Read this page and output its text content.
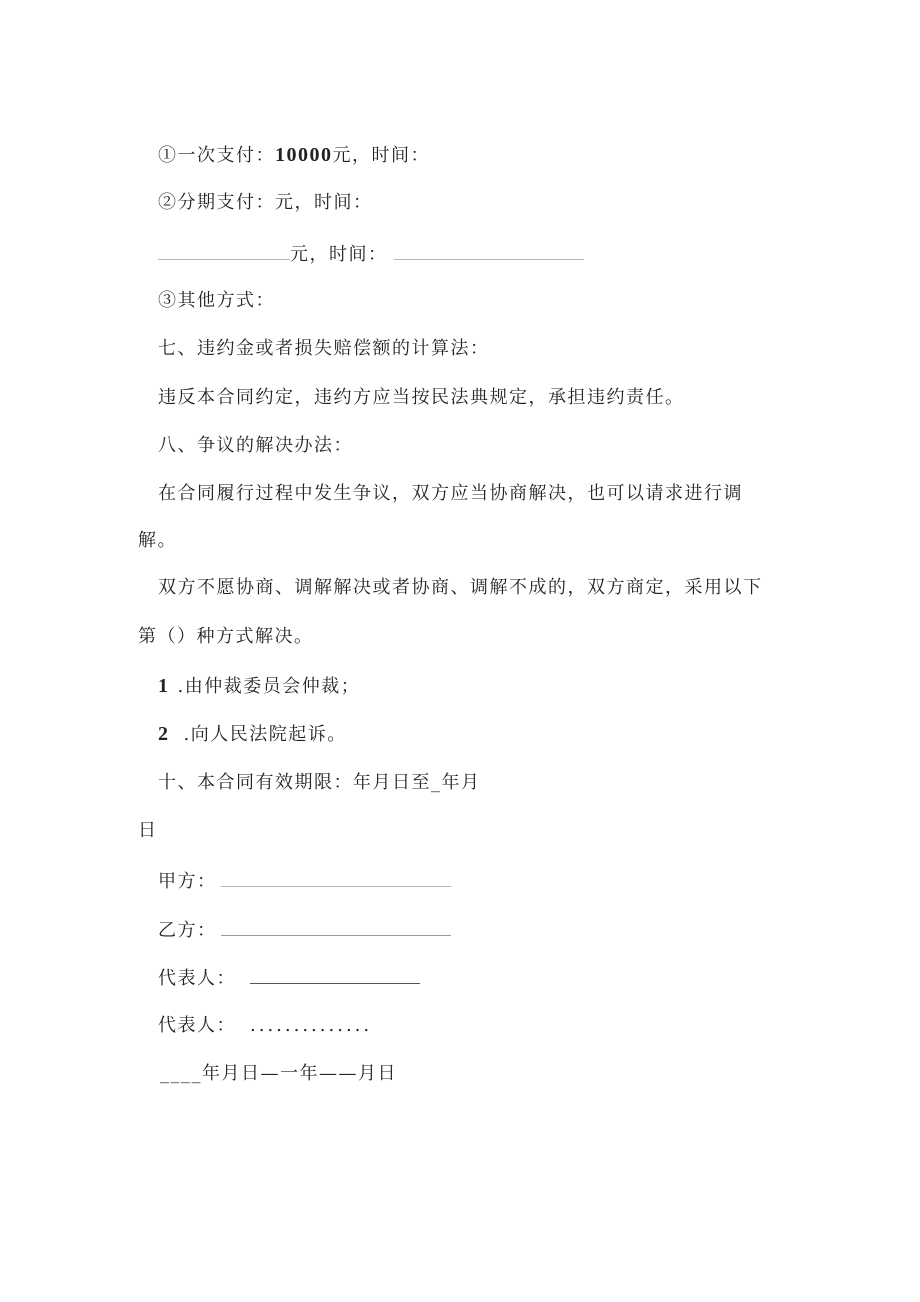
①一次支付：10000元，时间：
②分期支付：元，时间：
元，时间：
③其他方式：
七、违约金或者损失赔偿额的计算法：
违反本合同约定，违约方应当按民法典规定，承担违约责任。
八、争议的解决办法：
在合同履行过程中发生争议，双方应当协商解决，也可以请求进行调
解。
双方不愿协商、调解解决或者协商、调解不成的，双方商定，采用以下
第（）种方式解决。
1 .由仲裁委员会仲裁；
2 .向人民法院起诉。
十、本合同有效期限：年月日至_年月
日
甲方：
乙方：
代表人：
代表人： ..............
____年月日—一年——月日
